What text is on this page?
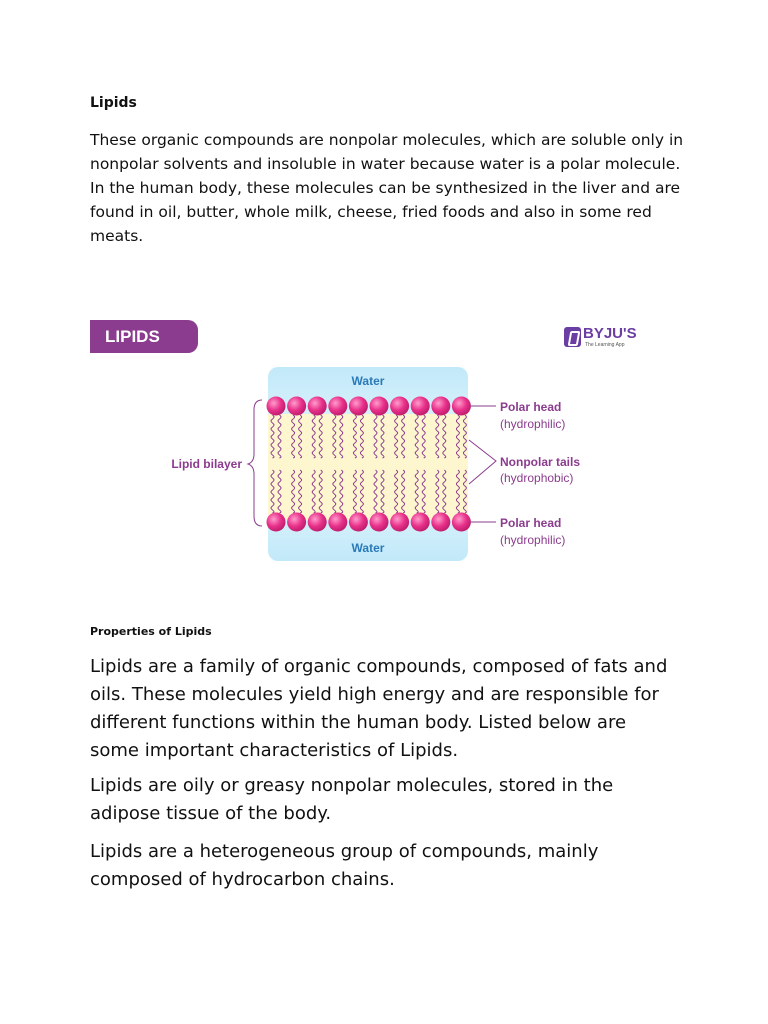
Lipids
These organic compounds are nonpolar molecules, which are soluble only in nonpolar solvents and insoluble in water because water is a polar molecule. In the human body, these molecules can be synthesized in the liver and are found in oil, butter, whole milk, cheese, fried foods and also in some red meats.
Water
Water
Lipid bilayer
Polar head
(hydrophilic)
Nonpolar tails
(hydrophobic)
Polar head
(hydrophilic)
LIPIDS	BYJU'S
The Learning App
Properties of Lipids
Lipids are a family of organic compounds, composed of fats and oils. These molecules yield high energy and are responsible for different functions within the human body. Listed below are some important characteristics of Lipids.
Lipids are oily or greasy nonpolar molecules, stored in the adipose tissue of the body.
Lipids are a heterogeneous group of compounds, mainly composed of hydrocarbon chains.
